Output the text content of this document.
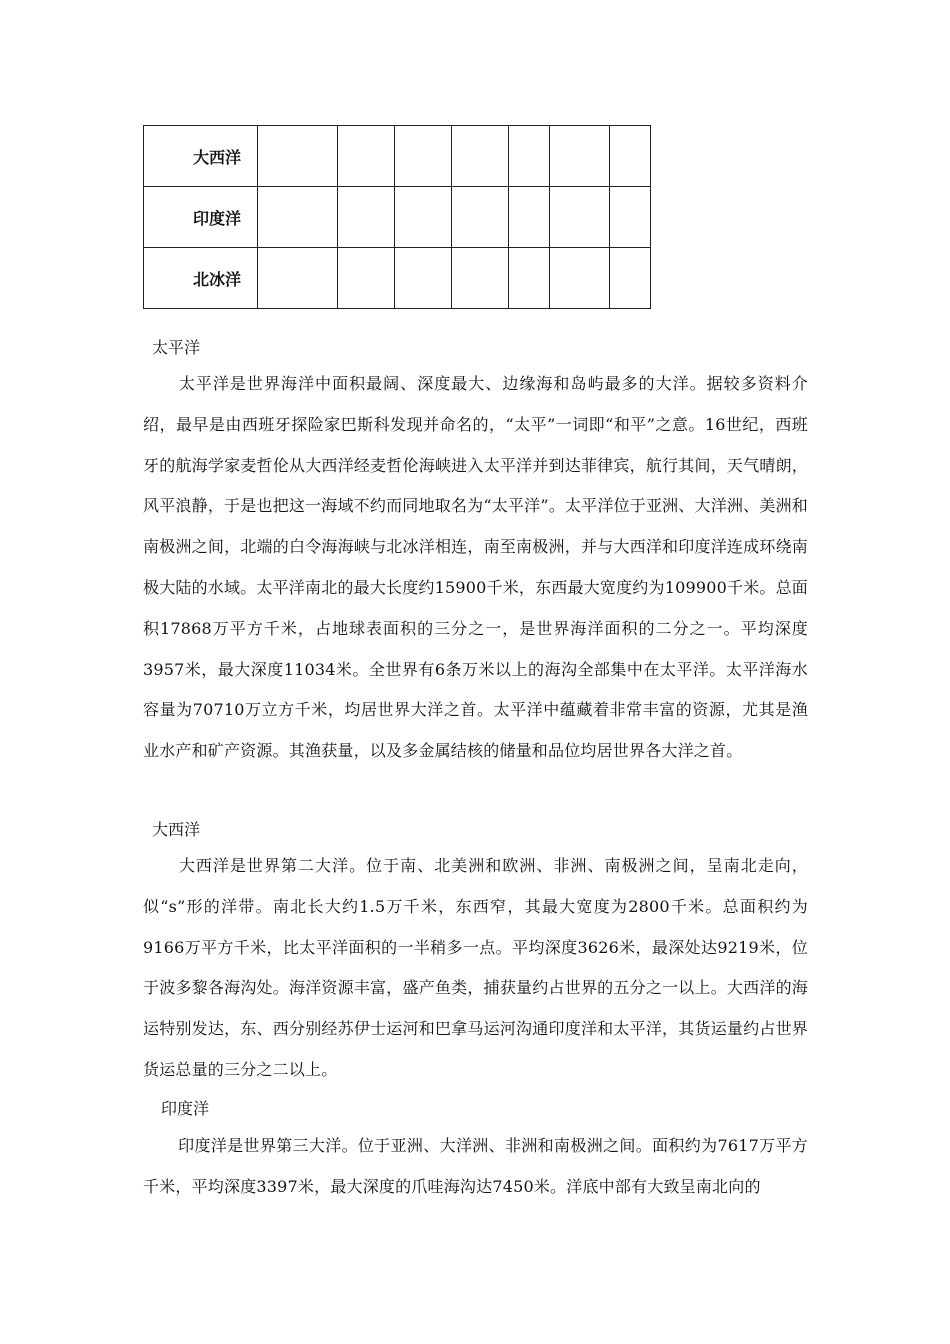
大西洋							
印度洋							
北冰洋							
太平洋
太平洋是世界海洋中面积最阔、深度最大、边缘海和岛屿最多的大洋。据较多资料介绍，最早是由西班牙探险家巴斯科发现并命名的，“太平”一词即“和平”之意。16世纪，西班牙的航海学家麦哲伦从大西洋经麦哲伦海峡进入太平洋并到达菲律宾，航行其间，天气晴朗，风平浪静，于是也把这一海域不约而同地取名为“太平洋”。太平洋位于亚洲、大洋洲、美洲和南极洲之间，北端的白令海海峡与北冰洋相连，南至南极洲，并与大西洋和印度洋连成环绕南极大陆的水域。太平洋南北的最大长度约15900千米，东西最大宽度约为109900千米。总面积17868万平方千米，占地球表面积的三分之一，是世界海洋面积的二分之一。平均深度3957米，最大深度11034米。全世界有6条万米以上的海沟全部集中在太平洋。太平洋海水容量为70710万立方千米，均居世界大洋之首。太平洋中蕴藏着非常丰富的资源，尤其是渔业水产和矿产资源。其渔获量，以及多金属结核的储量和品位均居世界各大洋之首。
大西洋
大西洋是世界第二大洋。位于南、北美洲和欧洲、非洲、南极洲之间，呈南北走向，似“s”形的洋带。南北长大约1.5万千米，东西窄，其最大宽度为2800千米。总面积约为9166万平方千米，比太平洋面积的一半稍多一点。平均深度3626米，最深处达9219米，位于波多黎各海沟处。海洋资源丰富，盛产鱼类，捕获量约占世界的五分之一以上。大西洋的海运特别发达，东、西分别经苏伊士运河和巴拿马运河沟通印度洋和太平洋，其货运量约占世界货运总量的三分之二以上。
印度洋
印度洋是世界第三大洋。位于亚洲、大洋洲、非洲和南极洲之间。面积约为7617万平方千米，平均深度3397米，最大深度的爪哇海沟达7450米。洋底中部有大致呈南北向的
